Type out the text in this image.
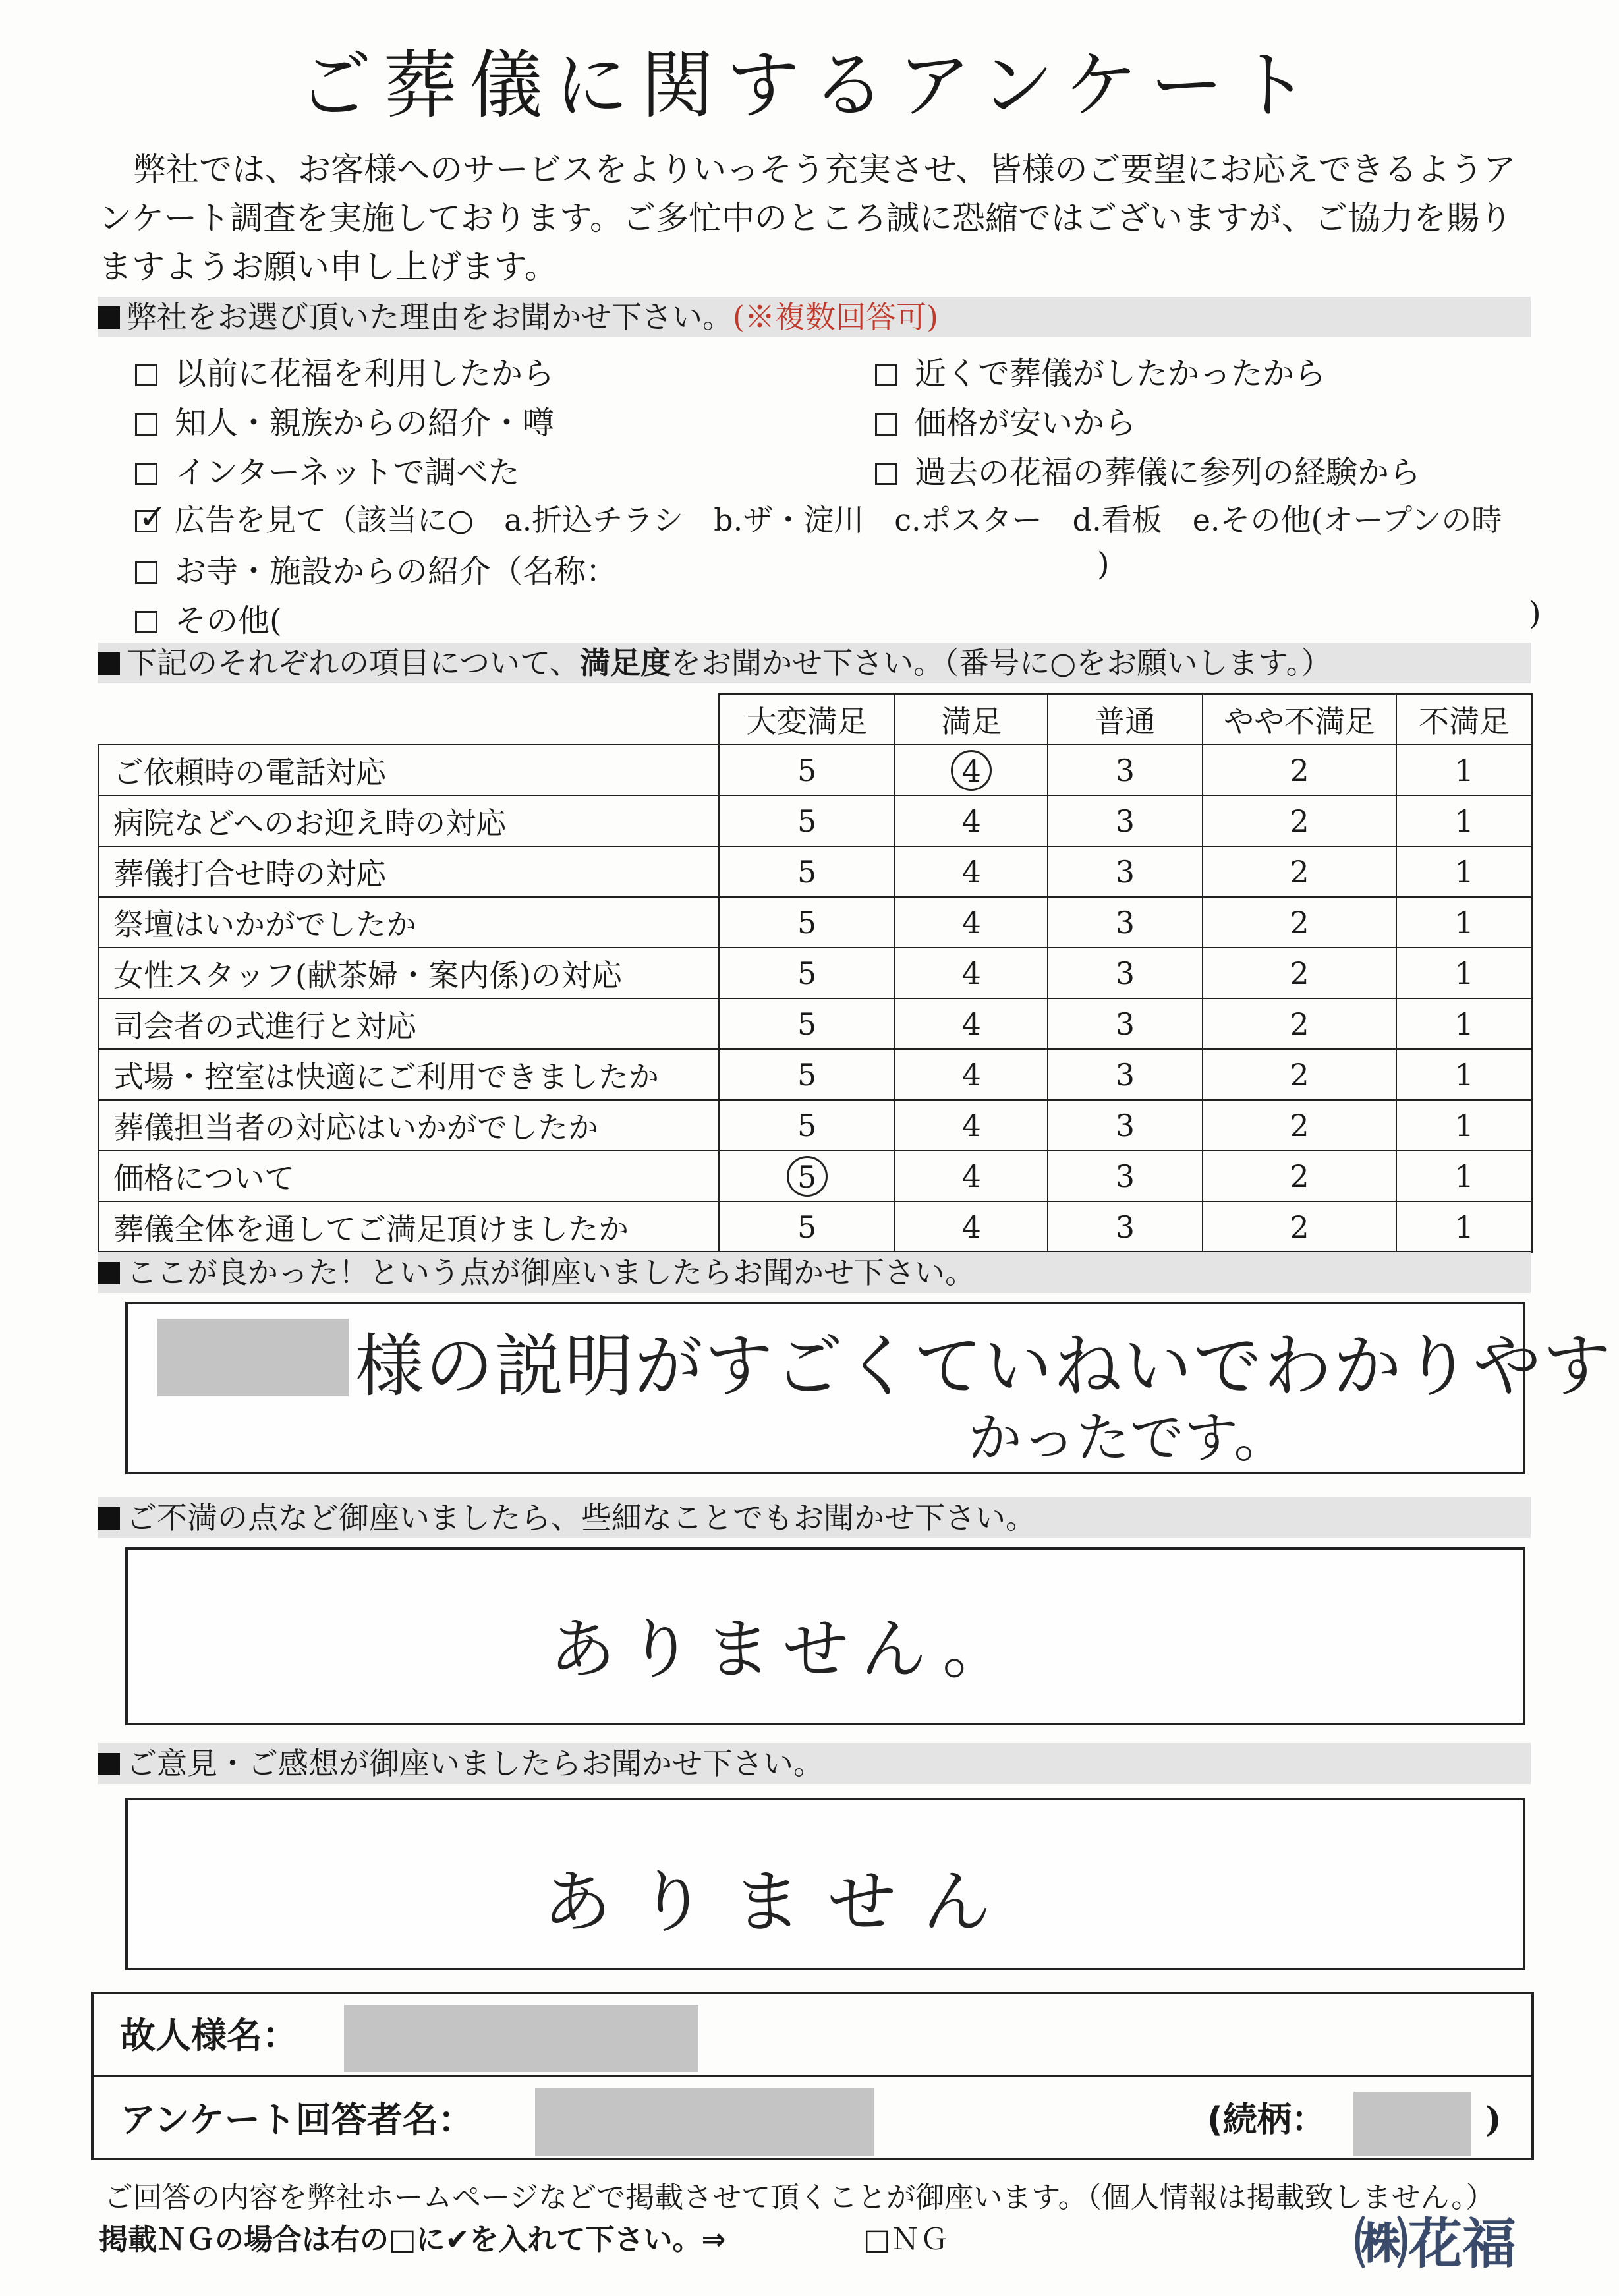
ご葬儀に関するアンケート
弊社では、お客様へのサービスをよりいっそう充実させ、皆様のご要望にお応えできるようアンケート調査を実施しております。ご多忙中のところ誠に恐縮ではございますが、ご協力を賜りますようお願い申し上げます。
弊社をお選び頂いた理由をお聞かせ下さい。(※複数回答可)
以前に花福を利用したから	近くで葬儀がしたかったから
知人・親族からの紹介・噂	価格が安いから
インターネットで調べた	過去の花福の葬儀に参列の経験から
✓広告を見て（該当に○　a.折込チラシ　b.ザ・淀川　c.ポスター　d.看板　e.その他(オープンの時
お寺・施設からの紹介（名称：	)
その他(	)
下記のそれぞれの項目について、満足度をお聞かせ下さい。（番号に○をお願いします。）
	大変満足	満足	普通	やや不満足	不満足
ご依頼時の電話対応	5	4	3	2	1
病院などへのお迎え時の対応	5	4	3	2	1
葬儀打合せ時の対応	5	4	3	2	1
祭壇はいかがでしたか	5	4	3	2	1
女性スタッフ(献茶婦・案内係)の対応	5	4	3	2	1
司会者の式進行と対応	5	4	3	2	1
式場・控室は快適にご利用できましたか	5	4	3	2	1
葬儀担当者の対応はいかがでしたか	5	4	3	2	1
価格について	5	4	3	2	1
葬儀全体を通してご満足頂けましたか	5	4	3	2	1
ここが良かった！という点が御座いましたらお聞かせ下さい。
様の説明がすごくていねいでわかりやす
かったです。
ご不満の点など御座いましたら、些細なことでもお聞かせ下さい。
ありません。
ご意見・ご感想が御座いましたらお聞かせ下さい。
ありません
故人様名：
アンケート回答者名：	(続柄：	)
ご回答の内容を弊社ホームページなどで掲載させて頂くことが御座います。（個人情報は掲載致しません。）
掲載ＮＧの場合は右の□に✔を入れて下さい。⇒	□ＮＧ	㈱花福
